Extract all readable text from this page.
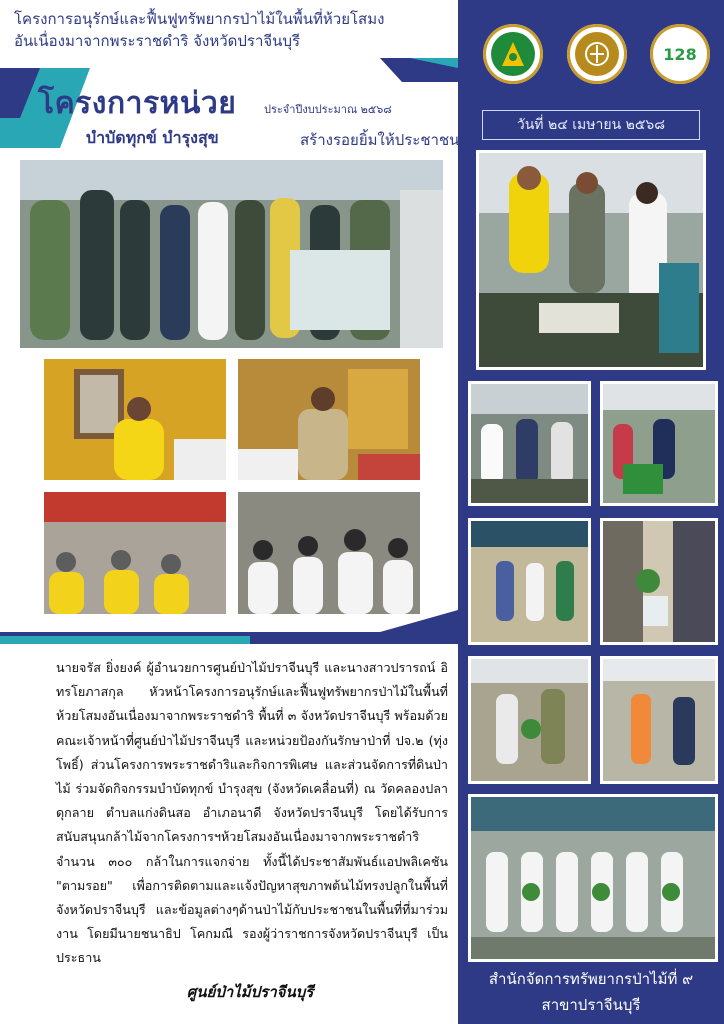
128
วันที่ ๒๔ เมษายน ๒๕๖๘
สำนักจัดการทรัพยากรป่าไม้ที่ ๙
สาขาปราจีนบุรี
โครงการอนุรักษ์และฟื้นฟูทรัพยากรป่าไม้ในพื้นที่ห้วยโสมง
อันเนื่องมาจากพระราชดำริ จังหวัดปราจีนบุรี
โครงการหน่วย	ประจำปีงบประมาณ ๒๕๖๘
บำบัดทุกข์ บำรุงสุข	สร้างรอยยิ้มให้ประชาชน
นายจรัส ยิ่งยงค์ ผู้อำนวยการศูนย์ป่าไม้ปราจีนบุรี และนางสาวปรารถน์ อิทรโยภาสกุล หัวหน้าโครงการอนุรักษ์และฟื้นฟูทรัพยากรป่าไม้ในพื้นที่ห้วยโสมงอันเนื่องมาจากพระราชดำริ พื้นที่ ๓ จังหวัดปราจีนบุรี พร้อมด้วยคณะเจ้าหน้าที่ศูนย์ป่าไม้ปราจีนบุรี และหน่วยป้องกันรักษาป่าที่ ปจ.๒ (ทุ่งโพธิ์) ส่วนโครงการพระราชดำริและกิจการพิเศษ และส่วนจัดการที่ดินป่าไม้ ร่วมจัดกิจกรรมบำบัดทุกข์ บำรุงสุข (จังหวัดเคลื่อนที่) ณ วัดคลองปลาดุกลาย ตำบลแก่งดินสอ อำเภอนาดี จังหวัดปราจีนบุรี โดยได้รับการสนับสนุนกล้าไม้จากโครงการฯห้วยโสมงอันเนื่องมาจากพระราชดำริ จำนวน ๓๐๐ กล้าในการแจกจ่าย ทั้งนี้ได้ประชาสัมพันธ์แอปพลิเคชัน "ตามรอย" เพื่อการติดตามและแจ้งปัญหาสุขภาพต้นไม้ทรงปลูกในพื้นที่จังหวัดปราจีนบุรี และข้อมูลต่างๆด้านป่าไม้กับประชาชนในพื้นที่ที่มาร่วมงาน โดยมีนายชนาธิป โคกมณี รองผู้ว่าราชการจังหวัดปราจีนบุรี เป็นประธาน
ศูนย์ป่าไม้ปราจีนบุรี
